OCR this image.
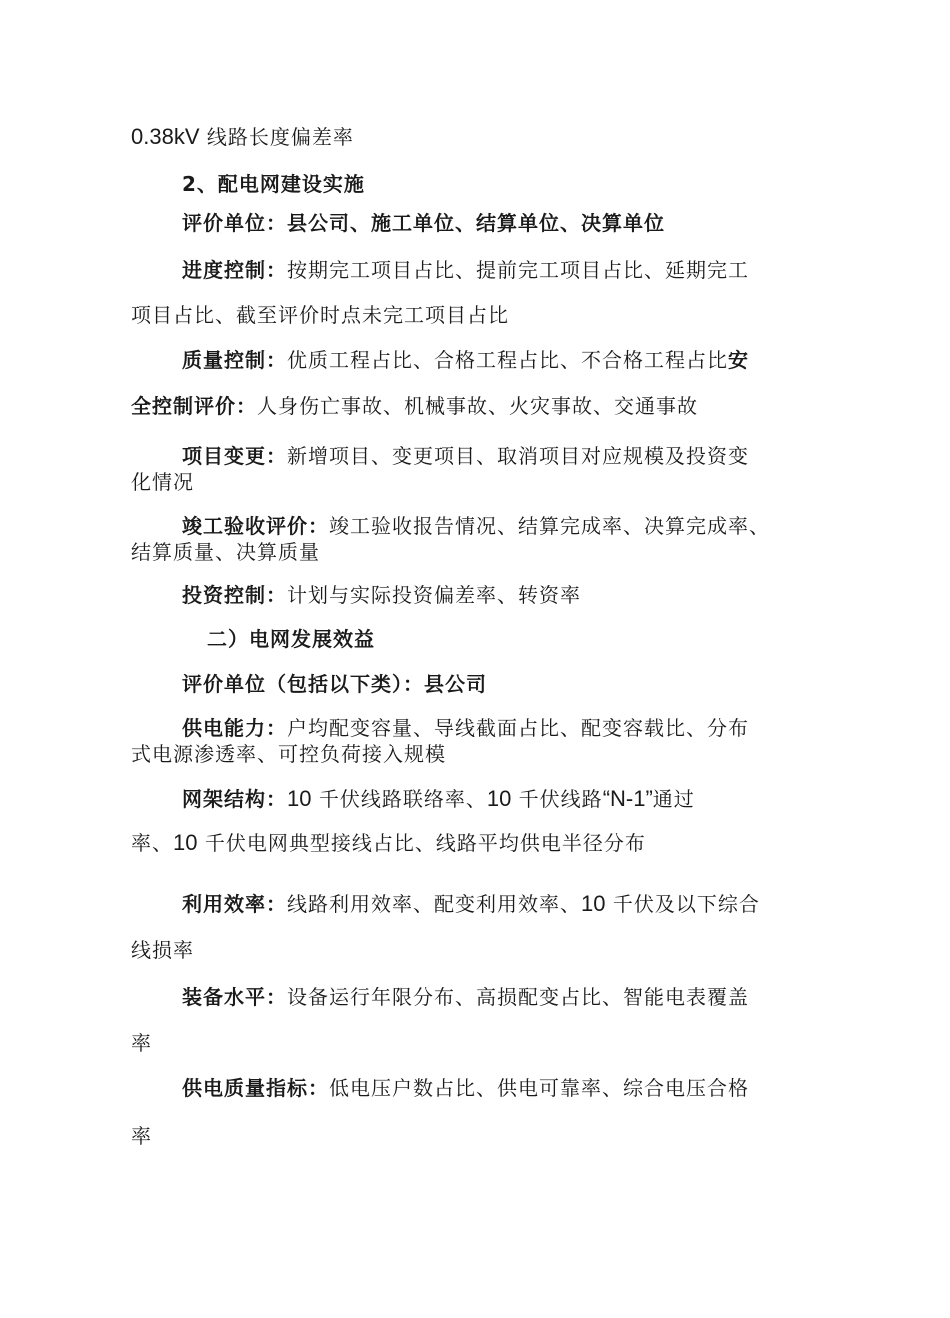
0.38kV 线路长度偏差率
2、配电网建设实施
评价单位：县公司、施工单位、结算单位、决算单位
进度控制：按期完工项目占比、提前完工项目占比、延期完工
项目占比、截至评价时点未完工项目占比
质量控制：优质工程占比、合格工程占比、不合格工程占比安
全控制评价：人身伤亡事故、机械事故、火灾事故、交通事故
项目变更：新增项目、变更项目、取消项目对应规模及投资变
化情况
竣工验收评价：竣工验收报告情况、结算完成率、决算完成率、
结算质量、决算质量
投资控制：计划与实际投资偏差率、转资率
二）电网发展效益
评价单位（包括以下类）：县公司
供电能力：户均配变容量、导线截面占比、配变容载比、分布
式电源渗透率、可控负荷接入规模
网架结构：10 千伏线路联络率、10 千伏线路“N-1”通过
率、10 千伏电网典型接线占比、线路平均供电半径分布
利用效率：线路利用效率、配变利用效率、10 千伏及以下综合
线损率
装备水平：设备运行年限分布、高损配变占比、智能电表覆盖
率
供电质量指标：低电压户数占比、供电可靠率、综合电压合格
率
